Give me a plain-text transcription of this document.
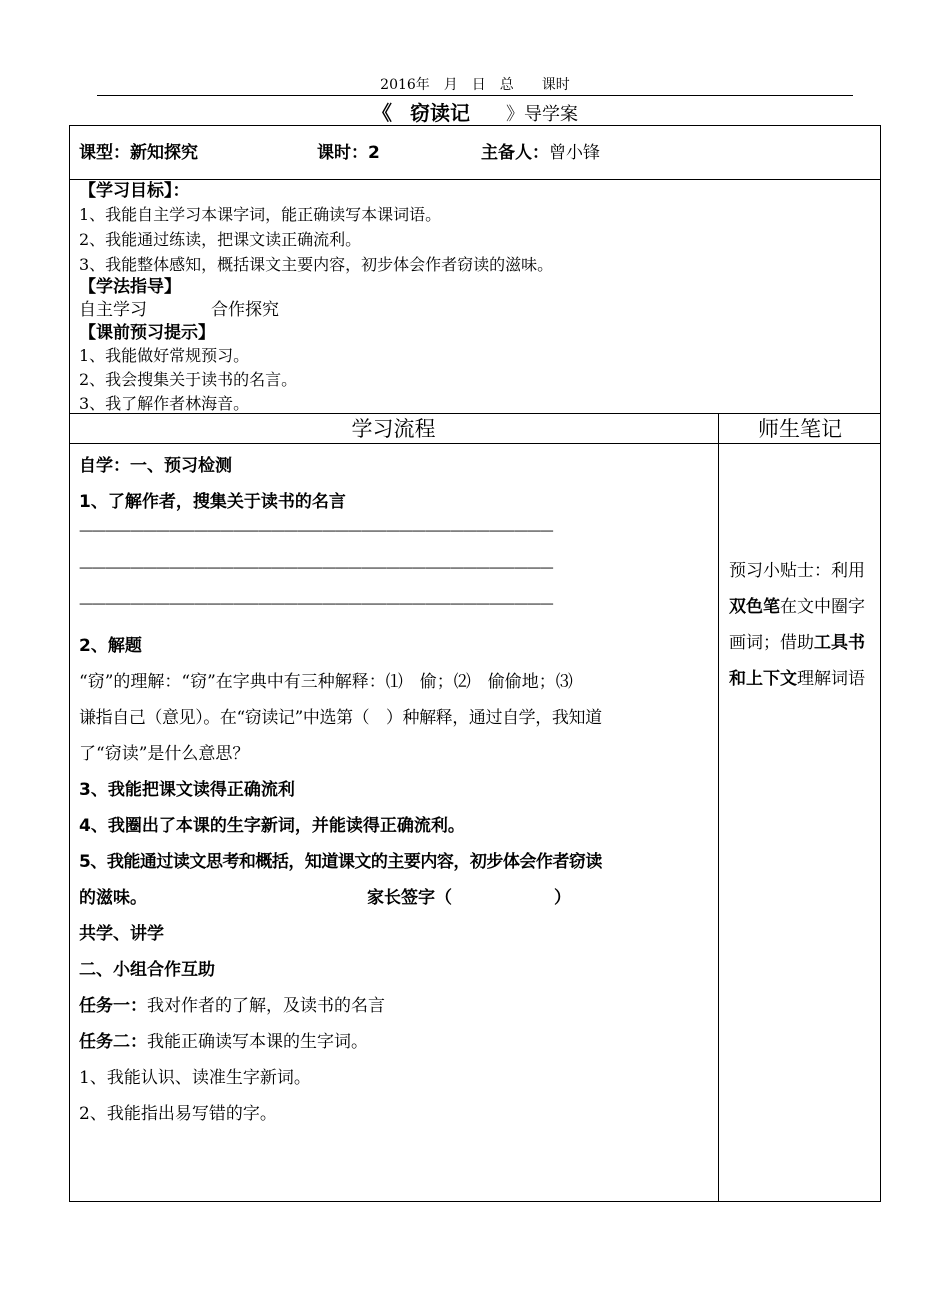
2016年　月　日　总　　课时
《　 窃读记　　 》导学案
课型：新知探究	课时：2	主备人：曾小锋
【学习目标】：
1、我能自主学习本课字词，能正确读写本课词语。
2、我能通过练读，把课文读正确流利。
3、我能整体感知，概括课文主要内容，初步体会作者窃读的滋味。
【学法指导】
自主学习	合作探究
【课前预习提示】
1、我能做好常规预习。
2、我会搜集关于读书的名言。
3、我了解作者林海音。
学习流程	师生笔记
自学：一、预习检测
1、了解作者，搜集关于读书的名言
—————————————————————————————————————
—————————————————————————————————————
—————————————————————————————————————
2、解题
“窃”的理解：“窃”在字典中有三种解释：⑴　偷；⑵　偷偷地；⑶
谦指自己（意见）。在“窃读记”中选第（　）种解释，通过自学，我知道
了“窃读”是什么意思？
3、我能把课文读得正确流利
4、我圈出了本课的生字新词，并能读得正确流利。
5、我能通过读文思考和概括，知道课文的主要内容，初步体会作者窃读
的滋味。	家长签字（　　　　　　）
共学、讲学
二、小组合作互助
任务一：我对作者的了解，及读书的名言
任务二：我能正确读写本课的生字词。
1、我能认识、读准生字新词。
2、我能指出易写错的字。
预习小贴士：利用双色笔在文中圈字画词；借助工具书和上下文理解词语
